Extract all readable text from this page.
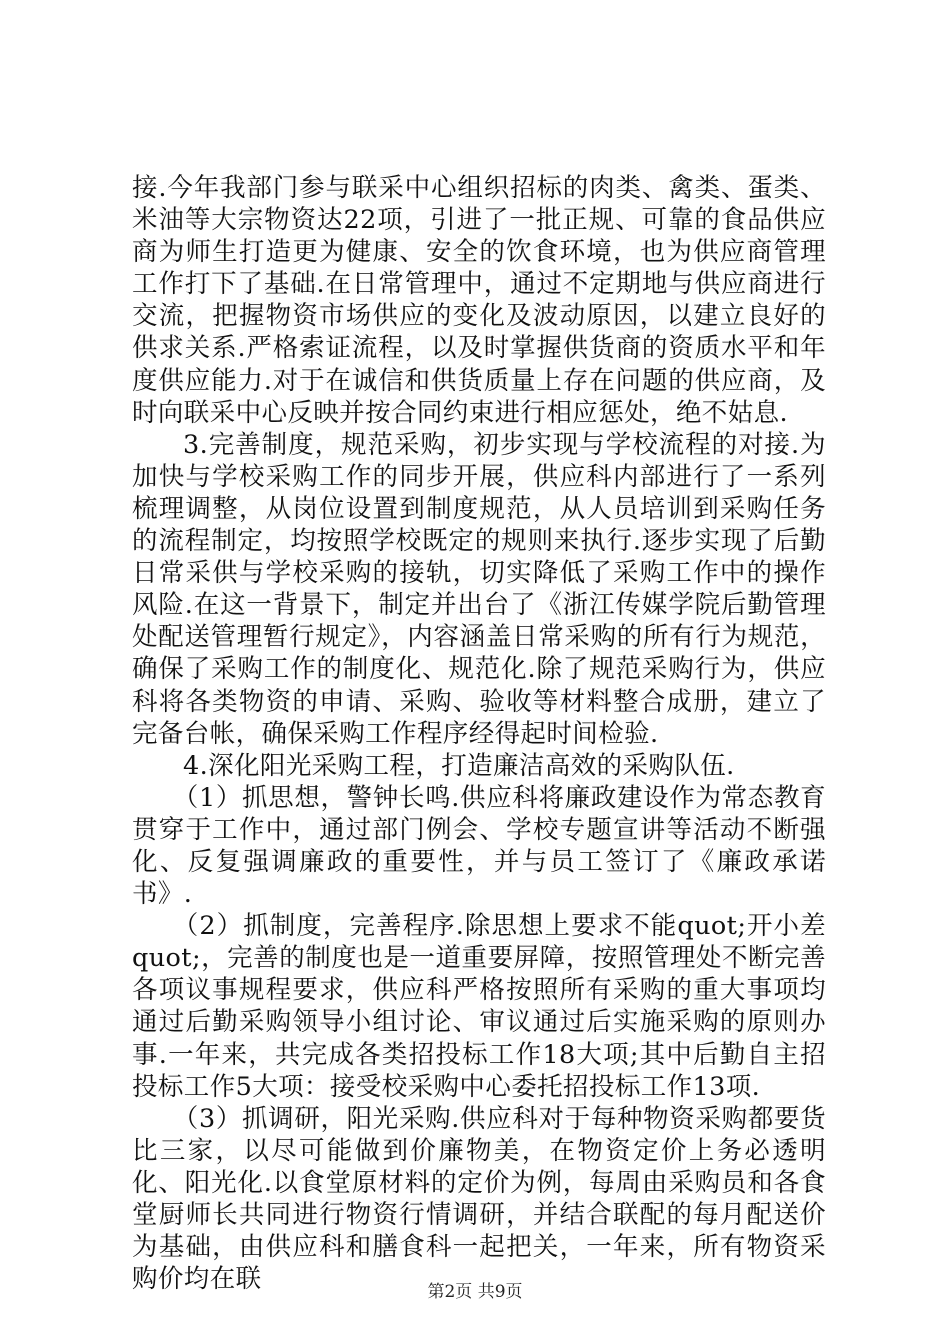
接.今年我部门参与联采中心组织招标的肉类、禽类、蛋类、米油等大宗物资达22项，引进了一批正规、可靠的食品供应商为师生打造更为健康、安全的饮食环境，也为供应商管理工作打下了基础.在日常管理中，通过不定期地与供应商进行交流，把握物资市场供应的变化及波动原因，以建立良好的供求关系.严格索证流程，以及时掌握供货商的资质水平和年度供应能力.对于在诚信和供货质量上存在问题的供应商，及时向联采中心反映并按合同约束进行相应惩处，绝不姑息.

3.完善制度，规范采购，初步实现与学校流程的对接.为加快与学校采购工作的同步开展，供应科内部进行了一系列梳理调整，从岗位设置到制度规范，从人员培训到采购任务的流程制定，均按照学校既定的规则来执行.逐步实现了后勤日常采供与学校采购的接轨，切实降低了采购工作中的操作风险.在这一背景下，制定并出台了《浙江传媒学院后勤管理处配送管理暂行规定》，内容涵盖日常采购的所有行为规范，确保了采购工作的制度化、规范化.除了规范采购行为，供应科将各类物资的申请、采购、验收等材料整合成册，建立了完备台帐，确保采购工作程序经得起时间检验.

4.深化阳光采购工程，打造廉洁高效的采购队伍.

（1）抓思想，警钟长鸣.供应科将廉政建设作为常态教育贯穿于工作中，通过部门例会、学校专题宣讲等活动不断强化、反复强调廉政的重要性，并与员工签订了《廉政承诺书》.

（2）抓制度，完善程序.除思想上要求不能quot;开小差quot;，完善的制度也是一道重要屏障，按照管理处不断完善各项议事规程要求，供应科严格按照所有采购的重大事项均通过后勤采购领导小组讨论、审议通过后实施采购的原则办事.一年来，共完成各类招投标工作18大项;其中后勤自主招投标工作5大项：接受校采购中心委托招投标工作13项.

（3）抓调研，阳光采购.供应科对于每种物资采购都要货比三家，以尽可能做到价廉物美，在物资定价上务必透明化、阳光化.以食堂原材料的定价为例，每周由采购员和各食堂厨师长共同进行物资行情调研，并结合联配的每月配送价为基础，由供应科和膳食科一起把关，一年来，所有物资采购价均在联	第2页 共9页
